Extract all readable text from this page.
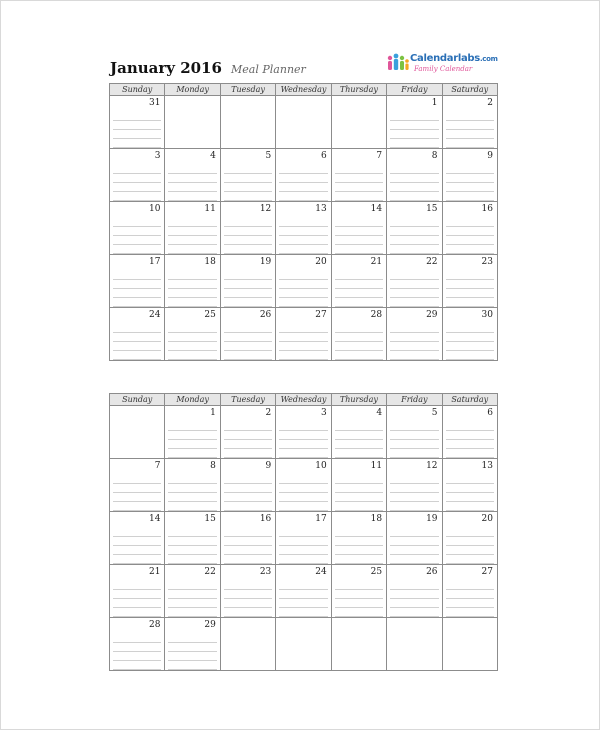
January 2016 Meal Planner
Calendarlabs.com
Family Calendar
Sunday	Monday	Tuesday	Wednesday	Thursday	Friday	Saturday

31					1	2

3	4	5	6	7	8	9

10	11	12	13	14	15	16

17	18	19	20	21	22	23

24	25	26	27	28	29	30
Sunday	Monday	Tuesday	Wednesday	Thursday	Friday	Saturday

	1	2	3	4	5	6

7	8	9	10	11	12	13

14	15	16	17	18	19	20

21	22	23	24	25	26	27

28	29					
